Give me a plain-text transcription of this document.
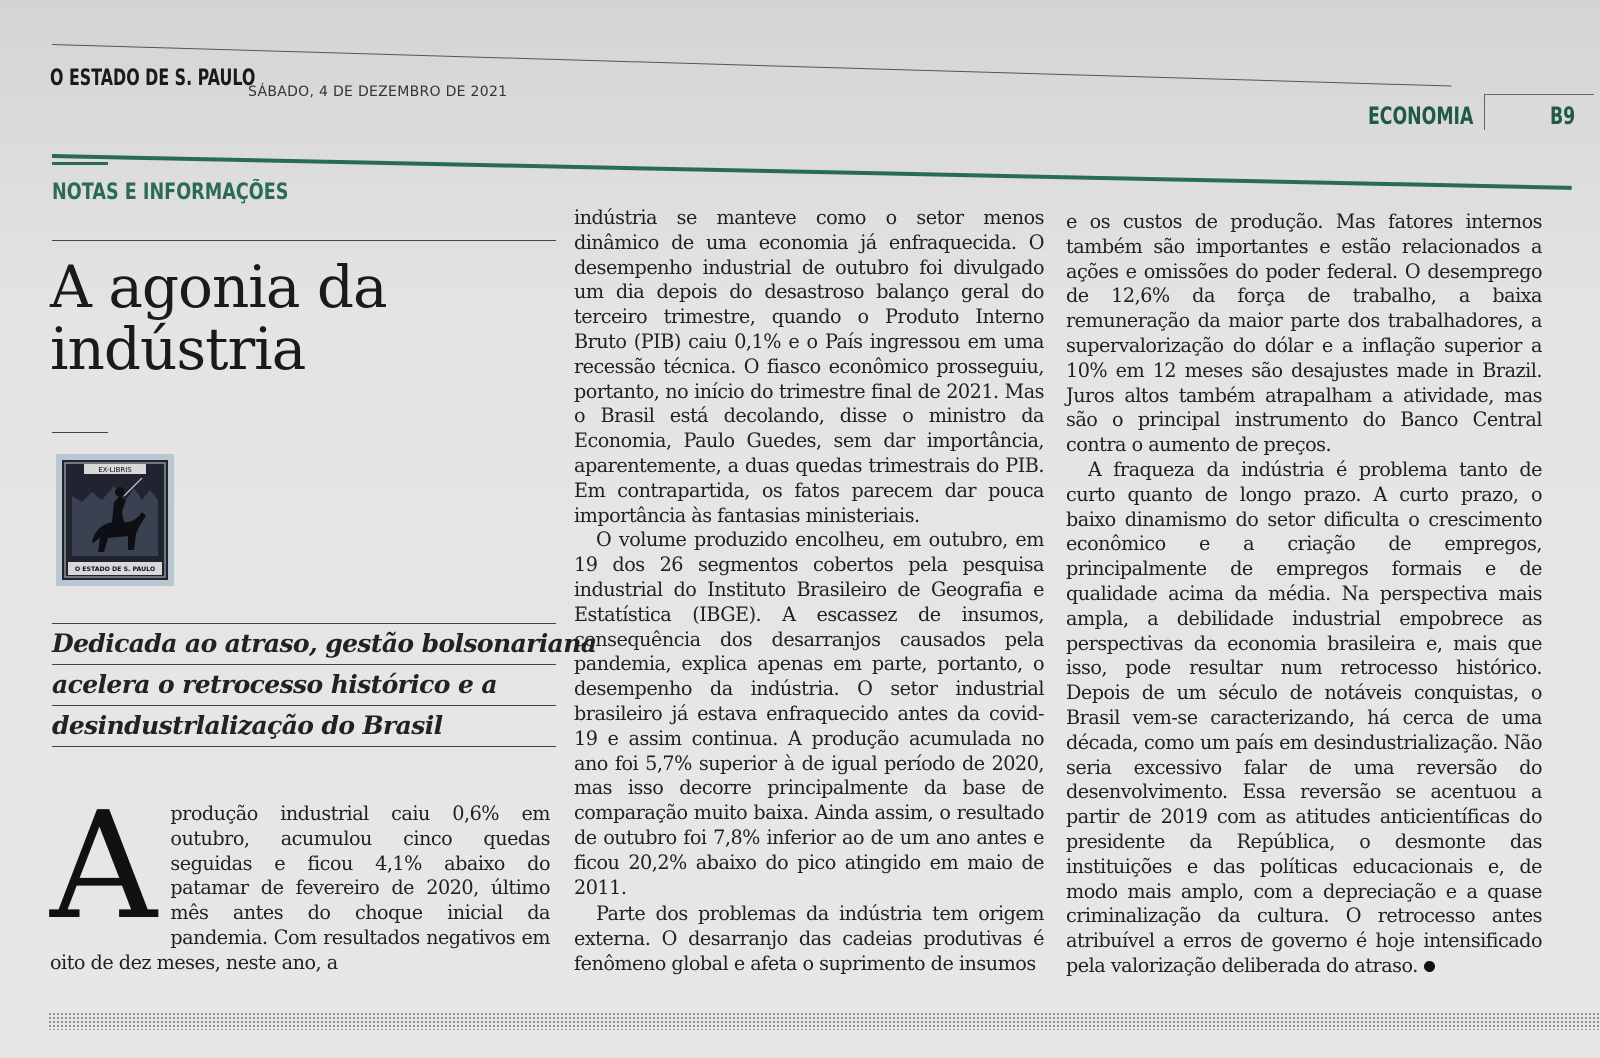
O ESTADO DE S. PAULO
SÁBADO, 4 DE DEZEMBRO DE 2021
ECONOMIA	B9
NOTAS E INFORMAÇÕES
A agonia da
indústria
EX-LIBRIS
O ESTADO DE S. PAULO
Dedicada ao atraso, gestão bolsonariana
acelera o retrocesso histórico e a
desindustrlalização do Brasil
A produção industrial caiu 0,6% em outubro, acumulou cinco quedas seguidas e ficou 4,1% abaixo do patamar de fevereiro de 2020, último mês antes do choque inicial da pandemia. Com resultados negativos em oito de dez meses, neste ano, a

indústria se manteve como o setor menos dinâmico de uma economia já enfraquecida. O desempenho industrial de outubro foi divulgado um dia depois do desastroso balanço geral do terceiro trimestre, quando o Produto Interno Bruto (PIB) caiu 0,1% e o País ingressou em uma recessão técnica. O fiasco econômico prosseguiu, portanto, no início do trimestre final de 2021. Mas o Brasil está decolando, disse o ministro da Economia, Paulo Guedes, sem dar importância, aparentemente, a duas quedas trimestrais do PIB. Em contrapartida, os fatos parecem dar pouca importância às fantasias ministeriais.

O volume produzido encolheu, em outubro, em 19 dos 26 segmentos cobertos pela pesquisa industrial do Instituto Brasileiro de Geografia e Estatística (IBGE). A escassez de insumos, consequência dos desarranjos causados pela pandemia, explica apenas em parte, portanto, o desempenho da indústria. O setor industrial brasileiro já estava enfraquecido antes da covid-19 e assim continua. A produção acumulada no ano foi 5,7% superior à de igual período de 2020, mas isso decorre principalmente da base de comparação muito baixa. Ainda assim, o resultado de outubro foi 7,8% inferior ao de um ano antes e ficou 20,2% abaixo do pico atingido em maio de 2011.

Parte dos problemas da indústria tem origem externa. O desarranjo das cadeias produtivas é fenômeno global e afeta o suprimento de insumos

e os custos de produção. Mas fatores internos também são importantes e estão relacionados a ações e omissões do poder federal. O desemprego de 12,6% da força de trabalho, a baixa remuneração da maior parte dos trabalhadores, a supervalorização do dólar e a inflação superior a 10% em 12 meses são desajustes made in Brazil. Juros altos também atrapalham a atividade, mas são o principal instrumento do Banco Central contra o aumento de preços.

A fraqueza da indústria é problema tanto de curto quanto de longo prazo. A curto prazo, o baixo dinamismo do setor dificulta o crescimento econômico e a criação de empregos, principalmente de empregos formais e de qualidade acima da média. Na perspectiva mais ampla, a debilidade industrial empobrece as perspectivas da economia brasileira e, mais que isso, pode resultar num retrocesso histórico. Depois de um século de notáveis conquistas, o Brasil vem-se caracterizando, há cerca de uma década, como um país em desindustrialização. Não seria excessivo falar de uma reversão do desenvolvimento. Essa reversão se acentuou a partir de 2019 com as atitudes anticientíficas do presidente da República, o desmonte das instituições e das políticas educacionais e, de modo mais amplo, com a depreciação e a quase criminalização da cultura. O retrocesso antes atribuível a erros de governo é hoje intensificado pela valorização deliberada do atraso.
